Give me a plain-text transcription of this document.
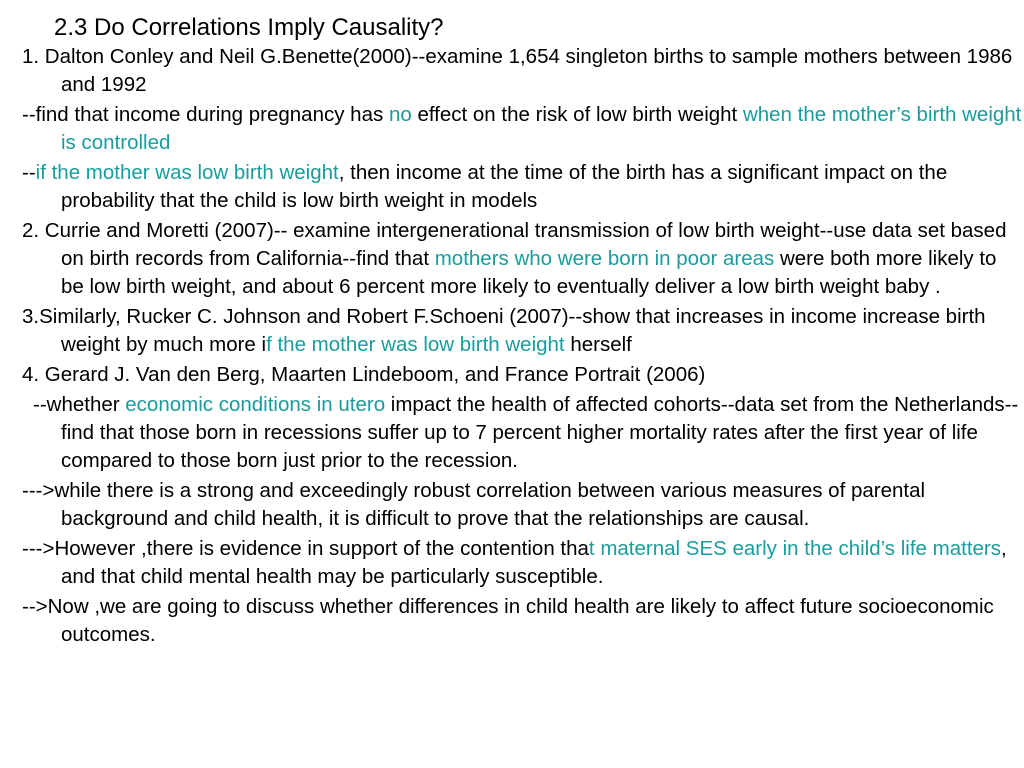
2.3 Do Correlations Imply Causality?

1. Dalton Conley and Neil G.Benette(2000)--examine 1,654 singleton births to sample mothers between 1986 and 1992

--find that income during pregnancy has no effect on the risk of low birth weight when the mother’s birth weight is controlled

--if the mother was low birth weight, then income at the time of the birth has a significant impact on the probability that the child is low birth weight in models

2. Currie and Moretti (2007)-- examine intergenerational transmission of low birth weight--use data set based on birth records from California--find that mothers who were born in poor areas were both more likely to be low birth weight, and about 6 percent more likely to eventually deliver a low birth weight baby .

3.Similarly, Rucker C. Johnson and Robert F.Schoeni (2007)--show that increases in income increase birth weight by much more if the mother was low birth weight herself

4. Gerard J. Van den Berg, Maarten Lindeboom, and France Portrait (2006)

--whether economic conditions in utero impact the health of affected cohorts--data set from the Netherlands--find that those born in recessions suffer up to 7 percent higher mortality rates after the first year of life compared to those born just prior to the recession.

--->while there is a strong and exceedingly robust correlation between various measures of parental background and child health, it is difficult to prove that the relationships are causal.

--->However ,there is evidence in support of the contention that maternal SES early in the child’s life matters, and that child mental health may be particularly susceptible.

-->Now ,we are going to discuss whether differences in child health are likely to affect future socioeconomic outcomes.
